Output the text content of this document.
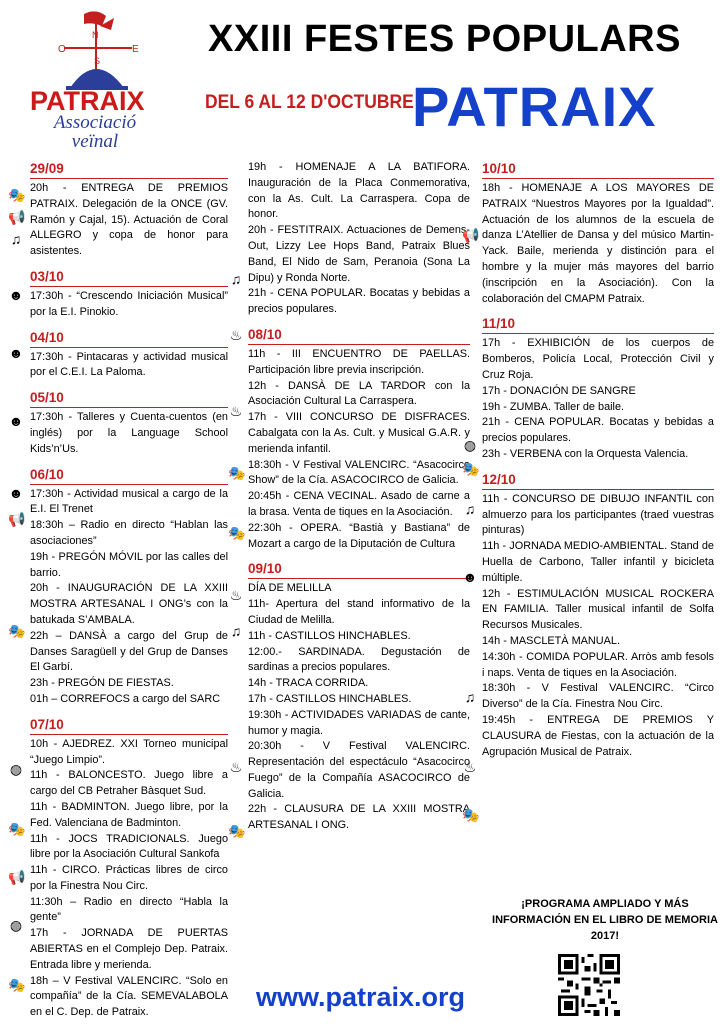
O	E
N
S
PATRAIX
Associació veïnal
XXIII FESTES POPULARS
DEL 6 AL 12 D'OCTUBRE
PATRAIX
29/09
20h - ENTREGA DE PREMIOS PATRAIX. Delegación de la ONCE (GV. Ramón y Cajal, 15). Actuación de Coral ALLEGRO y copa de honor para asistentes.
03/10
17:30h - “Crescendo Iniciación Musical” por la E.I. Pinokio.
04/10
17:30h - Pintacaras y actividad musical por el C.E.I. La Paloma.
05/10
17:30h - Talleres y Cuenta-cuentos (en inglés) por la Language School Kids’n’Us.
06/10
17:30h - Actividad musical a cargo de la E.I. El Trenet
18:30h – Radio en directo “Hablan las asociaciones”
19h - PREGÓN MÓVIL por las calles del barrio.
20h - INAUGURACIÓN DE LA XXIII MOSTRA ARTESANAL I ONG’s con la batukada S’AMBALA.
22h – DANSÀ a cargo del Grup de Danses Saragüell y del Grup de Danses El Garbí.
23h - PREGÓN DE FIESTAS.
01h – CORREFOCS a cargo del SARC
07/10
10h - AJEDREZ. XXI Torneo municipal “Juego Limpio”.
11h - BALONCESTO. Juego libre a cargo del CB Petraher Bàsquet Sud.
11h - BADMINTON. Juego libre, por la Fed. Valenciana de Badminton.
11h - JOCS TRADICIONALS. Juego libre por la Asociación Cultural Sankofa
11h - CIRCO. Prácticas libres de circo por la Finestra Nou Circ.
11:30h – Radio en directo “Habla la gente”
17h - JORNADA DE PUERTAS ABIERTAS en el Complejo Dep. Patraix. Entrada libre y merienda.
18h – V Festival VALENCIRC. “Solo en compañía” de la Cía. SEMEVALABOLA en el C. Dep. de Patraix.
19h - HOMENAJE A LA BATIFORA. Inauguración de la Placa Conmemorativa, con la As. Cult. La Carraspera. Copa de honor.
20h - FESTITRAIX. Actuaciones de Demens-Out, Lizzy Lee Hops Band, Patraix Blues Band, El Nido de Sam, Peranoia (Sona La Dipu) y Ronda Norte.
21h - CENA POPULAR. Bocatas y bebidas a precios populares.
08/10
11h - III ENCUENTRO DE PAELLAS. Participación libre previa inscripción.
12h - DANSÀ DE LA TARDOR con la Asociación Cultural La Carraspera.
17h - VIII CONCURSO DE DISFRACES. Cabalgata con la As. Cult. y Musical G.A.R. y merienda infantil.
18:30h - V Festival VALENCIRC. “Asacocirco Show” de la Cía. ASACOCIRCO de Galicia.
20:45h - CENA VECINAL. Asado de carne a la brasa. Venta de tiques en la Asociación.
22:30h - OPERA. “Bastià y Bastiana” de Mozart a cargo de la Diputación de Cultura
09/10
DÍA DE MELILLA
11h- Apertura del stand informativo de la Ciudad de Melilla.
11h - CASTILLOS HINCHABLES.
12:00.- SARDINADA. Degustación de sardinas a precios populares.
14h - TRACA CORRIDA.
17h - CASTILLOS HINCHABLES.
19:30h - ACTIVIDADES VARIADAS de cante, humor y magia.
20:30h - V Festival VALENCIRC. Representación del espectáculo “Asacocirco Fuego” de la Compañía ASACOCIRCO de Galicia.
22h - CLAUSURA DE LA XXIII MOSTRA ARTESANAL I ONG.
10/10
18h - HOMENAJE A LOS MAYORES DE PATRAIX “Nuestros Mayores por la Igualdad”. Actuación de los alumnos de la escuela de danza L’Atellier de Dansa y del músico Martin-Yack. Baile, merienda y distinción para el hombre y la mujer más mayores del barrio (inscripción en la Asociación). Con la colaboración del CMAPM Patraix.
11/10
17h - EXHIBICIÓN de los cuerpos de Bomberos, Policía Local, Protección Civil y Cruz Roja.
17h - DONACIÓN DE SANGRE
19h - ZUMBA. Taller de baile.
21h - CENA POPULAR. Bocatas y bebidas a precios populares.
23h - VERBENA con la Orquesta Valencia.
12/10
11h - CONCURSO DE DIBUJO INFANTIL con almuerzo para los participantes (traed vuestras pinturas)
11h - JORNADA MEDIO-AMBIENTAL. Stand de Huella de Carbono, Taller infantil y bicicleta múltiple.
12h - ESTIMULACIÓN MUSICAL ROCKERA EN FAMILIA. Taller musical infantil de Solfa Recursos Musicales.
14h - MASCLETÀ MANUAL.
14:30h - COMIDA POPULAR. Arròs amb fesols i naps. Venta de tiques en la Asociación.
18:30h - V Festival VALENCIRC. “Circo Diverso” de la Cía. Finestra Nou Circ.
19:45h - ENTREGA DE PREMIOS Y CLAUSURA de Fiestas, con la actuación de la Agrupación Musical de Patraix.
🎭
📢
♫
☻
☻
☻
☻
📢
🎭
◍
🎭
📢
◍
🎭
♫
♨
♨
🎭
🎭
♨
♫
♨
🎭
📢
◍
🎭
♫
☻
♫
♨
🎭
¡PROGRAMA AMPLIADO Y MÁS INFORMACIÓN EN EL LIBRO DE MEMORIA 2017!
www.patraix.org
